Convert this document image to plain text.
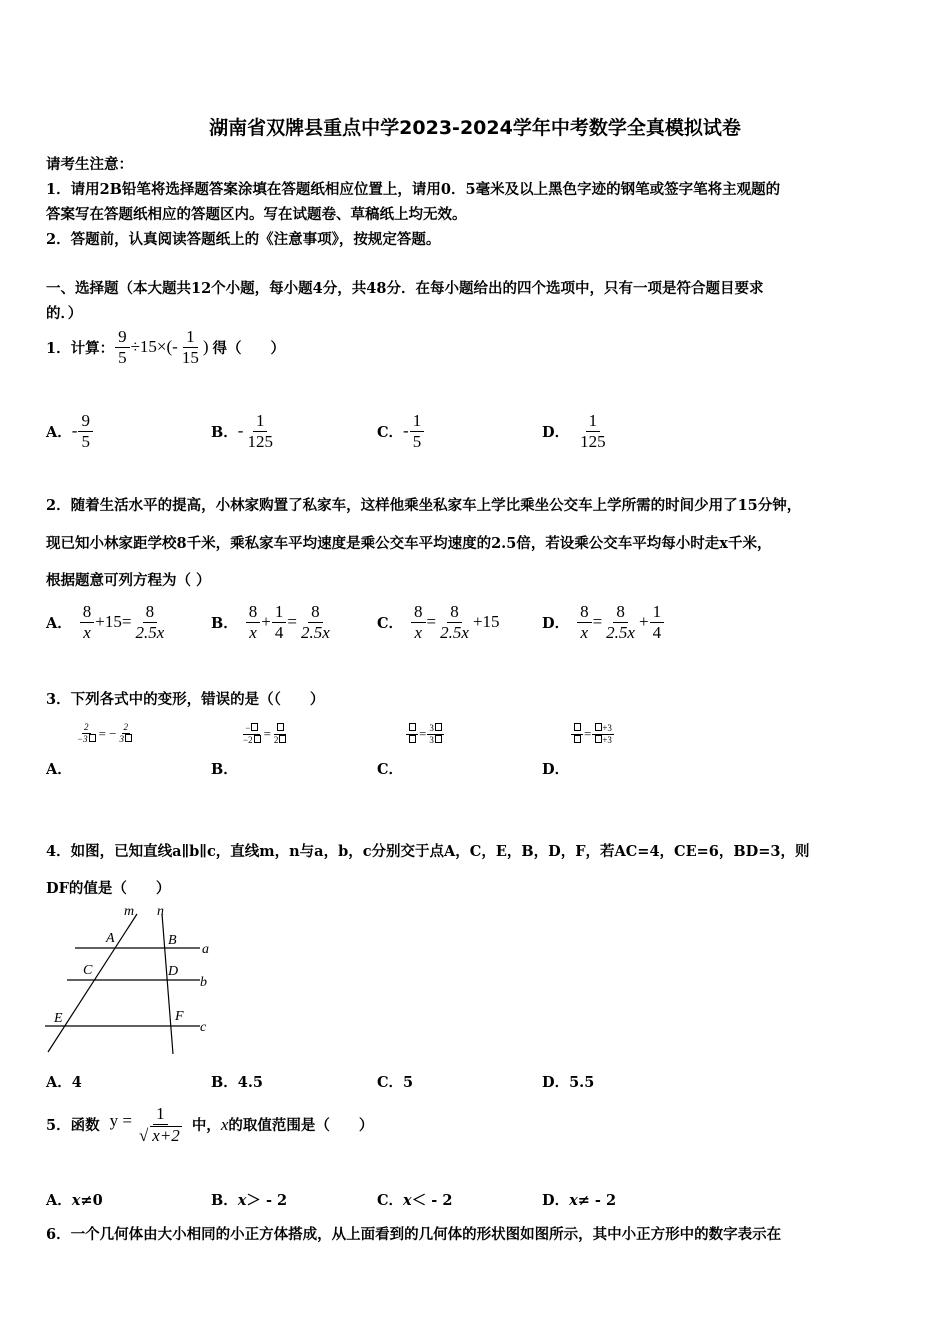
湖南省双牌县重点中学2023-2024学年中考数学全真模拟试卷
请考生注意：
1．请用2B铅笔将选择题答案涂填在答题纸相应位置上，请用0．5毫米及以上黑色字迹的钢笔或签字笔将主观题的
答案写在答题纸相应的答题区内。写在试题卷、草稿纸上均无效。
2．答题前，认真阅读答题纸上的《注意事项》，按规定答题。
一、选择题（本大题共12个小题，每小题4分，共48分．在每小题给出的四个选项中，只有一项是符合题目要求
的．）
1．计算： $\frac{9}{5} \div 15\times(- \frac{1}{15}$ ) 得（　　）
A． - $\frac{9}{5}$	B． - $\frac{1}{125}$	C． - $\frac{1}{5}$	D． $\frac{1}{125}$
2．随着生活水平的提高，小林家购置了私家车，这样他乘坐私家车上学比乘坐公交车上学所需的时间少用了15分钟，
现已知小林家距学校8千米，乘私家车平均速度是乘公交车平均速度的2.5倍，若设乘公交车平均每小时走x千米，
根据题意可列方程为（ ）
A． $\frac{8}{x} +15 = \frac{8}{2.5x}$	B． $\frac{8}{x} + \frac{1}{4} = \frac{8}{2.5x}$	C． $\frac{8}{x} = \frac{8}{2.5x} +15$	D． $\frac{8}{x} = \frac{8}{2.5x} + \frac{1}{4}$
3．下列各式中的变形，错误的是（（　　）
$\frac{2}{-3}$ = − $\frac{2}{3}$	$\frac{-}{-2} = 2$	= $\frac{3}{3}$	= $\frac{+3}{+3}$
A．	B．	C．	D．
4．如图，已知直线a∥b∥c，直线m，n与a，b，c分别交于点A，C，E，B，D，F，若AC=4，CE=6，BD=3，则
DF的值是（　　）
m n
a
b
c
A	B
C	D
E	F
A．4	B．4.5	C．5	D．5.5
5．函数 $y = \frac{1}{√ x+2}$ 中， x 的取值范围是（　　）
A．x≠0	B．x＞ - 2	C．x＜ - 2	D．x≠ - 2
6．一个几何体由大小相同的小正方体搭成，从上面看到的几何体的形状图如图所示，其中小正方形中的数字表示在
